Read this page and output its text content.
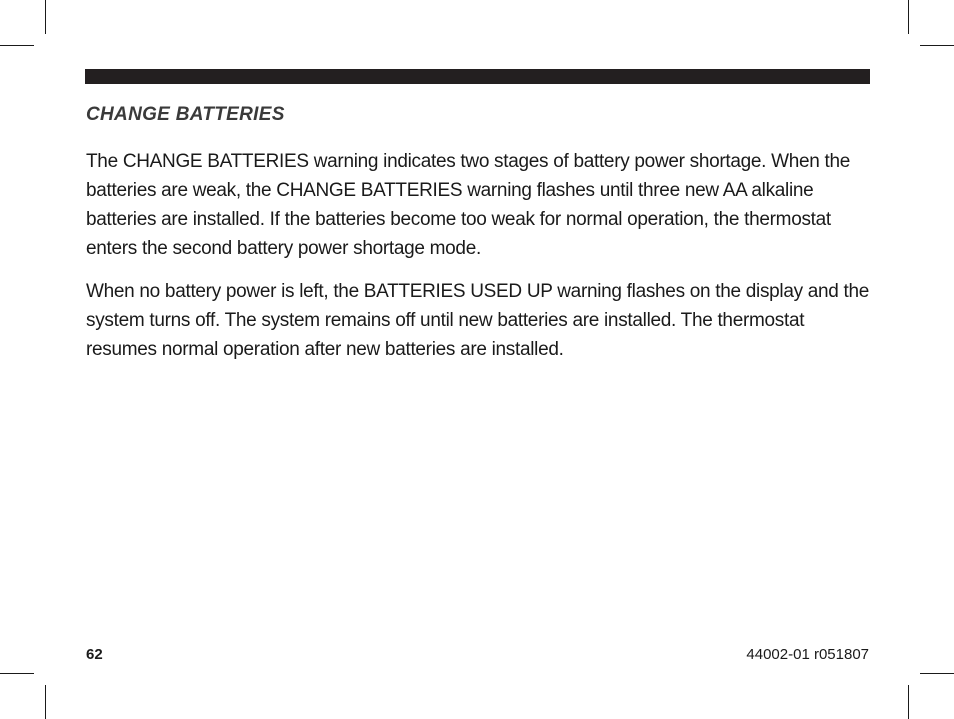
CHANGE BATTERIES

The CHANGE BATTERIES warning indicates two stages of battery power shortage. When the batteries are weak, the CHANGE BATTERIES warning flashes until three new AA alkaline batteries are installed. If the batteries become too weak for normal operation, the thermostat enters the second battery power shortage mode.

When no battery power is left, the BATTERIES USED UP warning flashes on the display and the system turns off. The system remains off until new batteries are installed. The thermostat resumes normal operation after new batteries are installed.

62	44002-01 r051807
